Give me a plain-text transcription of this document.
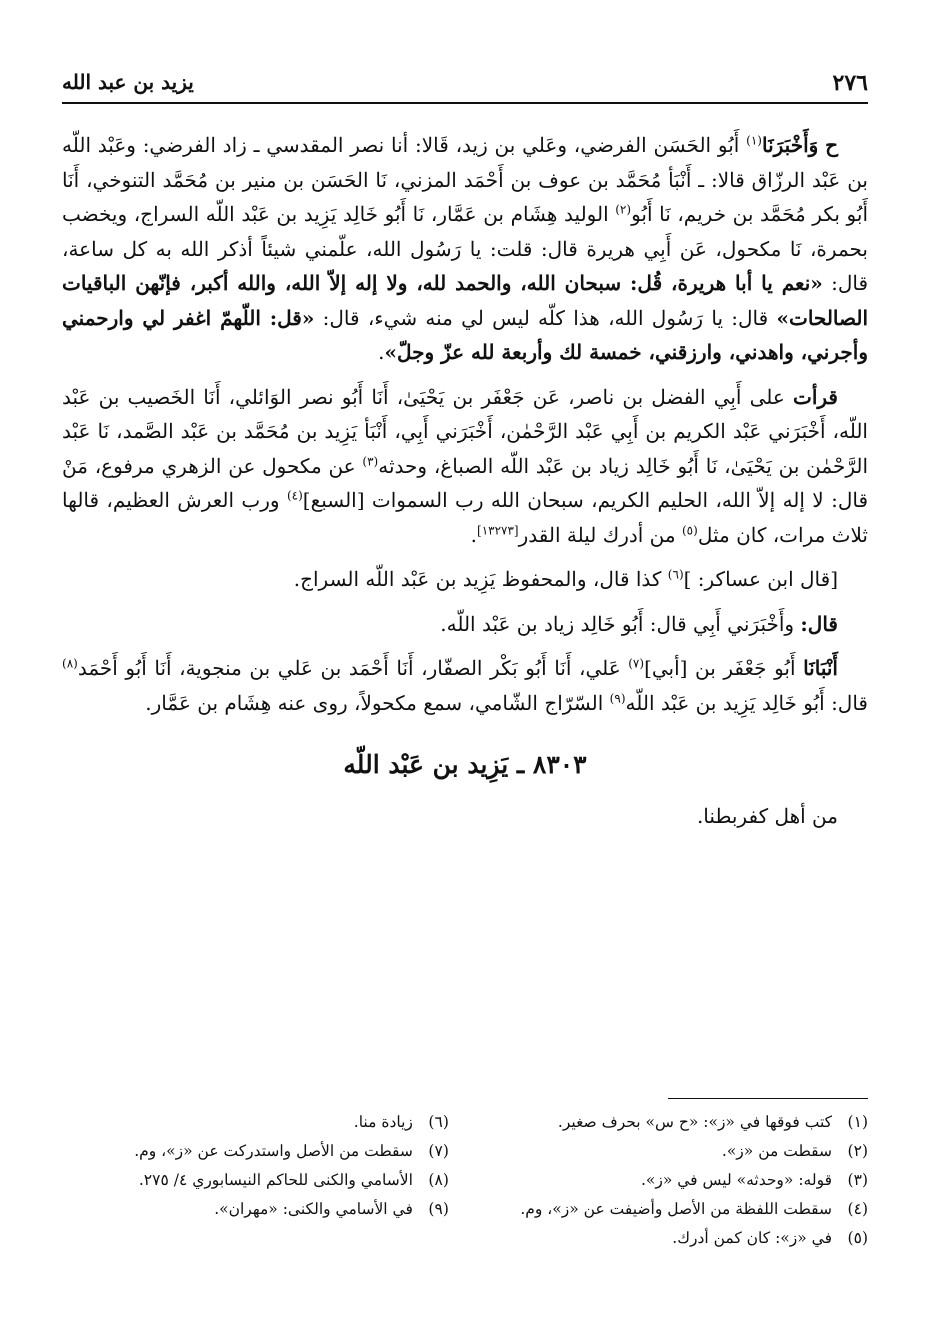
٢٧٦
يزيد بن عبد الله

ح وَأَخْبَرَنَا$^{(١)}$ أَبُو الحَسَن الفرضي، وعَلي بن زيد، قَالا: أنا نصر المقدسي ـ زاد الفرضي: وعَبْد اللّه بن عَبْد الرزّاق قالا: ـ أَنْبَأ مُحَمَّد بن عوف بن أَحْمَد المزني، نَا الحَسَن بن منير بن مُحَمَّد التنوخي، أَنَا أَبُو بكر مُحَمَّد بن خريم، نَا أَبُو$^{(٢)}$ الوليد هِشَام بن عَمَّار، نَا أَبُو خَالِد يَزِيد بن عَبْد اللّه السراج، ويخضب بحمرة، نَا مكحول، عَن أَبِي هريرة قال: قلت: يا رَسُول الله، علّمني شيئاً أذكر الله به كل ساعة، قال: «نعم يا أبا هريرة، قُل: سبحان الله، والحمد لله، ولا إله إلاّ الله، والله أكبر، فإنّهن الباقيات الصالحات» قال: يا رَسُول الله، هذا كلّه ليس لي منه شيء، قال: «قل: اللّهمّ اغفر لي وارحمني وأجرني، واهدني، وارزقني، خمسة لك وأربعة لله عزّ وجلّ».

قرأت على أَبِي الفضل بن ناصر، عَن جَعْفَر بن يَحْيَىٰ، أَنَا أَبُو نصر الوَائلي، أَنَا الخَصيب بن عَبْد اللّه، أَخْبَرَني عَبْد الكريم بن أَبِي عَبْد الرَّحْمٰن، أَخْبَرَني أَبِي، أَنْبَأ يَزِيد بن مُحَمَّد بن عَبْد الصَّمد، نَا عَبْد الرَّحْمٰن بن يَحْيَىٰ، نَا أَبُو خَالِد زياد بن عَبْد اللّه الصباغ، وحدثه$^{(٣)}$ عن مكحول عن الزهري مرفوع، مَنْ قال: لا إله إلاّ الله، الحليم الكريم، سبحان الله رب السموات [السبع]$^{(٤)}$ ورب العرش العظيم، قالها ثلاث مرات، كان مثل$^{(٥)}$ من أدرك ليلة القدر[١٣٢٧٣].

[قال ابن عساكر: ]$^{(٦)}$ كذا قال، والمحفوظ يَزِيد بن عَبْد اللّه السراج.

قال: وأَخْبَرَني أَبِي قال: أَبُو خَالِد زياد بن عَبْد اللّه.

أَنْبَانَا أَبُو جَعْفَر بن [أبي]$^{(٧)}$ عَلي، أَنَا أَبُو بَكْر الصفّار، أَنَا أَحْمَد بن عَلي بن منجوية، أَنَا أَبُو أَحْمَد$^{(٨)}$ قال: أَبُو خَالِد يَزِيد بن عَبْد اللّه$^{(٩)}$ السّرّاج الشّامي، سمع مكحولاً، روى عنه هِشَام بن عَمَّار.

٨٣٠٣ ـ يَزِيد بن عَبْد اللّه

من أهل كفربطنا.

(١)كتب فوقها في «ز»: «ح س» بحرف صغير.
(٢)سقطت من «ز».
(٣)قوله: «وحدثه» ليس في «ز».
(٤)سقطت اللفظة من الأصل وأضيفت عن «ز»، وم.
(٥)في «ز»: كان كمن أدرك.
(٦)زيادة منا.
(٧)سقطت من الأصل واستدركت عن «ز»، وم.
(٨)الأسامي والكنى للحاكم النيسابوري ٤/ ٢٧٥.
(٩)في الأسامي والكنى: «مهران».
